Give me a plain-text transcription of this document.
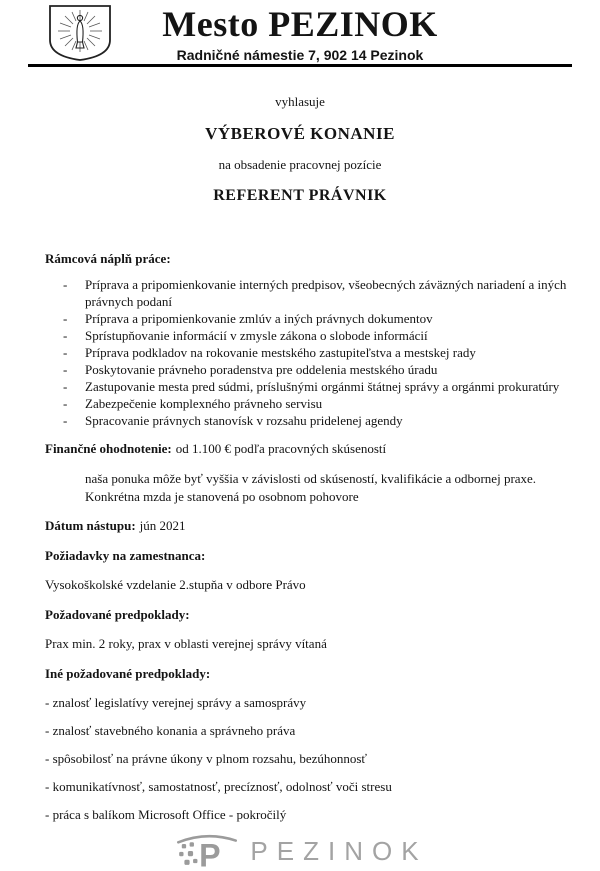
Mesto PEZINOK
Radničné námestie 7, 902 14 Pezinok

vyhlasuje

VÝBEROVÉ KONANIE

na obsadenie pracovnej pozície

REFERENT PRÁVNIK

Rámcová náplň práce:

-	Príprava a pripomienkovanie interných predpisov, všeobecných záväzných nariadení a iných právnych podaní
-	Príprava a pripomienkovanie zmlúv a iných právnych dokumentov
-	Sprístupňovanie informácií v zmysle zákona o slobode informácií
-	Príprava podkladov na rokovanie mestského zastupiteľstva a mestskej rady
-	Poskytovanie právneho poradenstva pre oddelenia mestského úradu
-	Zastupovanie mesta pred súdmi, príslušnými orgánmi štátnej správy a orgánmi prokuratúry
-	Zabezpečenie komplexného právneho servisu
-	Spracovanie právnych stanovísk v rozsahu pridelenej agendy

Finančné ohodnotenie: od 1.100 € podľa pracovných skúseností

naša ponuka môže byť vyššia v závislosti od skúseností, kvalifikácie a odbornej praxe.
Konkrétna mzda je stanovená po osobnom pohovore

Dátum nástupu: jún 2021

Požiadavky na zamestnanca:

Vysokoškolské vzdelanie 2.stupňa v odbore Právo

Požadované predpoklady:

Prax min. 2 roky, prax v oblasti verejnej správy vítaná

Iné požadované predpoklady:

- znalosť legislatívy verejnej správy a samosprávy

- znalosť stavebného konania a správneho práva

- spôsobilosť na právne úkony v plnom rozsahu, bezúhonnosť

- komunikatívnosť, samostatnosť, precíznosť, odolnosť voči stresu

- práca s balíkom Microsoft Office - pokročilý

P PEZINOK
